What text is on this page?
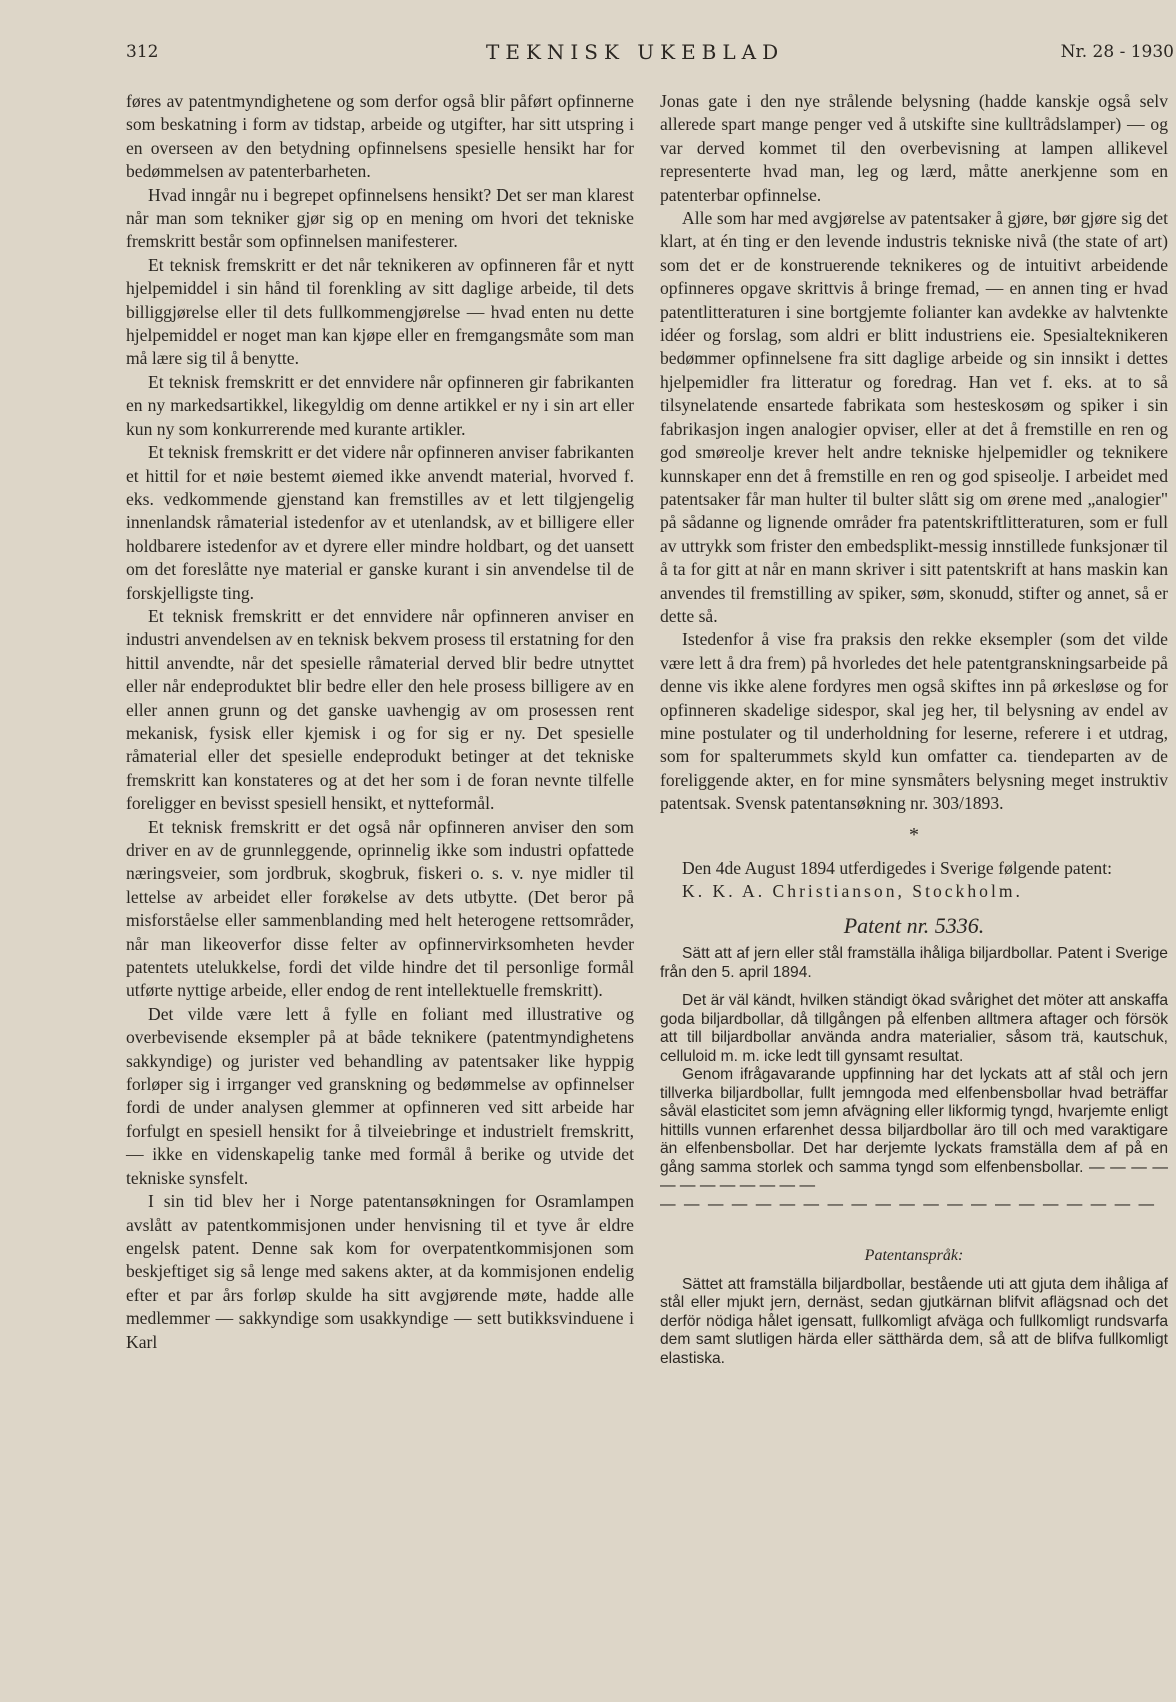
312	TEKNISK UKEBLAD	Nr. 28 - 1930

føres av patentmyndighetene og som derfor også blir påført opfinnerne som beskatning i form av tidstap, arbeide og utgifter, har sitt utspring i en overseen av den betydning opfinnelsens spesielle hensikt har for bedømmelsen av patenterbarheten.

Hvad inngår nu i begrepet opfinnelsens hensikt? Det ser man klarest når man som tekniker gjør sig op en mening om hvori det tekniske fremskritt består som opfinnelsen manifesterer.

Et teknisk fremskritt er det når teknikeren av opfinneren får et nytt hjelpemiddel i sin hånd til forenkling av sitt daglige arbeide, til dets billiggjørelse eller til dets fullkommengjørelse — hvad enten nu dette hjelpemiddel er noget man kan kjøpe eller en fremgangsmåte som man må lære sig til å benytte.

Et teknisk fremskritt er det ennvidere når opfinneren gir fabrikanten en ny markedsartikkel, likegyldig om denne artikkel er ny i sin art eller kun ny som konkurrerende med kurante artikler.

Et teknisk fremskritt er det videre når opfinneren anviser fabrikanten et hittil for et nøie bestemt øiemed ikke anvendt material, hvorved f. eks. vedkommende gjenstand kan fremstilles av et lett tilgjengelig innenlandsk råmaterial istedenfor av et utenlandsk, av et billigere eller holdbarere istedenfor av et dyrere eller mindre holdbart, og det uansett om det foreslåtte nye material er ganske kurant i sin anvendelse til de forskjelligste ting.

Et teknisk fremskritt er det ennvidere når opfinneren anviser en industri anvendelsen av en teknisk bekvem prosess til erstatning for den hittil anvendte, når det spesielle råmaterial derved blir bedre utnyttet eller når endeproduktet blir bedre eller den hele prosess billigere av en eller annen grunn og det ganske uavhengig av om prosessen rent mekanisk, fysisk eller kjemisk i og for sig er ny. Det spesielle råmaterial eller det spesielle endeprodukt betinger at det tekniske fremskritt kan konstateres og at det her som i de foran nevnte tilfelle foreligger en bevisst spesiell hensikt, et nytteformål.

Et teknisk fremskritt er det også når opfinneren anviser den som driver en av de grunnleggende, oprinnelig ikke som industri opfattede næringsveier, som jordbruk, skogbruk, fiskeri o. s. v. nye midler til lettelse av arbeidet eller forøkelse av dets utbytte. (Det beror på misforståelse eller sammenblanding med helt heterogene rettsområder, når man likeoverfor disse felter av opfinnervirksomheten hevder patentets utelukkelse, fordi det vilde hindre det til personlige formål utførte nyttige arbeide, eller endog de rent intellektuelle fremskritt).

Det vilde være lett å fylle en foliant med illustrative og overbevisende eksempler på at både teknikere (patentmyndighetens sakkyndige) og jurister ved behandling av patentsaker like hyppig forløper sig i irrganger ved granskning og bedømmelse av opfinnelser fordi de under analysen glemmer at opfinneren ved sitt arbeide har forfulgt en spesiell hensikt for å tilveiebringe et industrielt fremskritt, — ikke en videnskapelig tanke med formål å berike og utvide det tekniske synsfelt.

I sin tid blev her i Norge patentansøkningen for Osramlampen avslått av patentkommisjonen under henvisning til et tyve år eldre engelsk patent. Denne sak kom for overpatentkommisjonen som beskjeftiget sig så lenge med sakens akter, at da kommisjonen endelig efter et par års forløp skulde ha sitt avgjørende møte, hadde alle medlemmer — sakkyndige som usakkyndige — sett butikksvinduene i Karl

Jonas gate i den nye strålende belysning (hadde kanskje også selv allerede spart mange penger ved å utskifte sine kulltrådslamper) — og var derved kommet til den overbevisning at lampen allikevel representerte hvad man, leg og lærd, måtte anerkjenne som en patenterbar opfinnelse.

Alle som har med avgjørelse av patentsaker å gjøre, bør gjøre sig det klart, at én ting er den levende industris tekniske nivå (the state of art) som det er de konstruerende teknikeres og de intuitivt arbeidende opfinneres opgave skrittvis å bringe fremad, — en annen ting er hvad patentlitteraturen i sine bortgjemte folianter kan avdekke av halvtenkte idéer og forslag, som aldri er blitt industriens eie. Spesialteknikeren bedømmer opfinnelsene fra sitt daglige arbeide og sin innsikt i dettes hjelpemidler fra litteratur og foredrag. Han vet f. eks. at to så tilsynelatende ensartede fabrikata som hesteskosøm og spiker i sin fabrikasjon ingen analogier opviser, eller at det å fremstille en ren og god smøreolje krever helt andre tekniske hjelpemidler og teknikere kunnskaper enn det å fremstille en ren og god spiseolje. I arbeidet med patentsaker får man hulter til bulter slått sig om ørene med „analogier" på sådanne og lignende områder fra patentskriftlitteraturen, som er full av uttrykk som frister den embedsplikt-messig innstillede funksjonær til å ta for gitt at når en mann skriver i sitt patentskrift at hans maskin kan anvendes til fremstilling av spiker, søm, skonudd, stifter og annet, så er dette så.

Istedenfor å vise fra praksis den rekke eksempler (som det vilde være lett å dra frem) på hvorledes det hele patentgranskningsarbeide på denne vis ikke alene fordyres men også skiftes inn på ørkesløse og for opfinneren skadelige sidespor, skal jeg her, til belysning av endel av mine postulater og til underholdning for leserne, referere i et utdrag, som for spalterummets skyld kun omfatter ca. tiendeparten av de foreliggende akter, en for mine synsmåters belysning meget instruktiv patentsak. Svensk patentansøkning nr. 303/1893.

*

Den 4de August 1894 utferdigedes i Sverige følgende patent:

K. K. A. Christianson, Stockholm.

Patent nr. 5336.

Sätt att af jern eller stål framställa ihåliga biljardbollar. Patent i Sverige från den 5. april 1894.

Det är väl kändt, hvilken ständigt ökad svårighet det möter att anskaffa goda biljardbollar, då tillgången på elfenben alltmera aftager och försök att till biljardbollar använda andra materialier, såsom trä, kautschuk, celluloid m. m. icke ledt till gynsamt resultat.

Genom ifrågavarande uppfinning har det lyckats att af stål och jern tillverka biljardbollar, fullt jemngoda med elfenbensbollar hvad beträffar såväl elasticitet som jemn afvägning eller likformig tyngd, hvarjemte enligt hittills vunnen erfarenhet dessa biljardbollar äro till och med varaktigare än elfenbensbollar. Det har derjemte lyckats framställa dem af på en gång samma storlek och samma tyngd som elfenbensbollar. — — — — — — — — — — — —

— — — — — — — — — — — — — — — — — — — — —
Patentanspråk:

Sättet att framställa biljardbollar, bestående uti att gjuta dem ihåliga af stål eller mjukt jern, dernäst, sedan gjutkärnan blifvit aflägsnad och det derför nödiga hålet igensatt, fullkomligt afväga och fullkomligt rundsvarfa dem samt slutligen härda eller sätthärda dem, så att de blifva fullkomligt elastiska.
